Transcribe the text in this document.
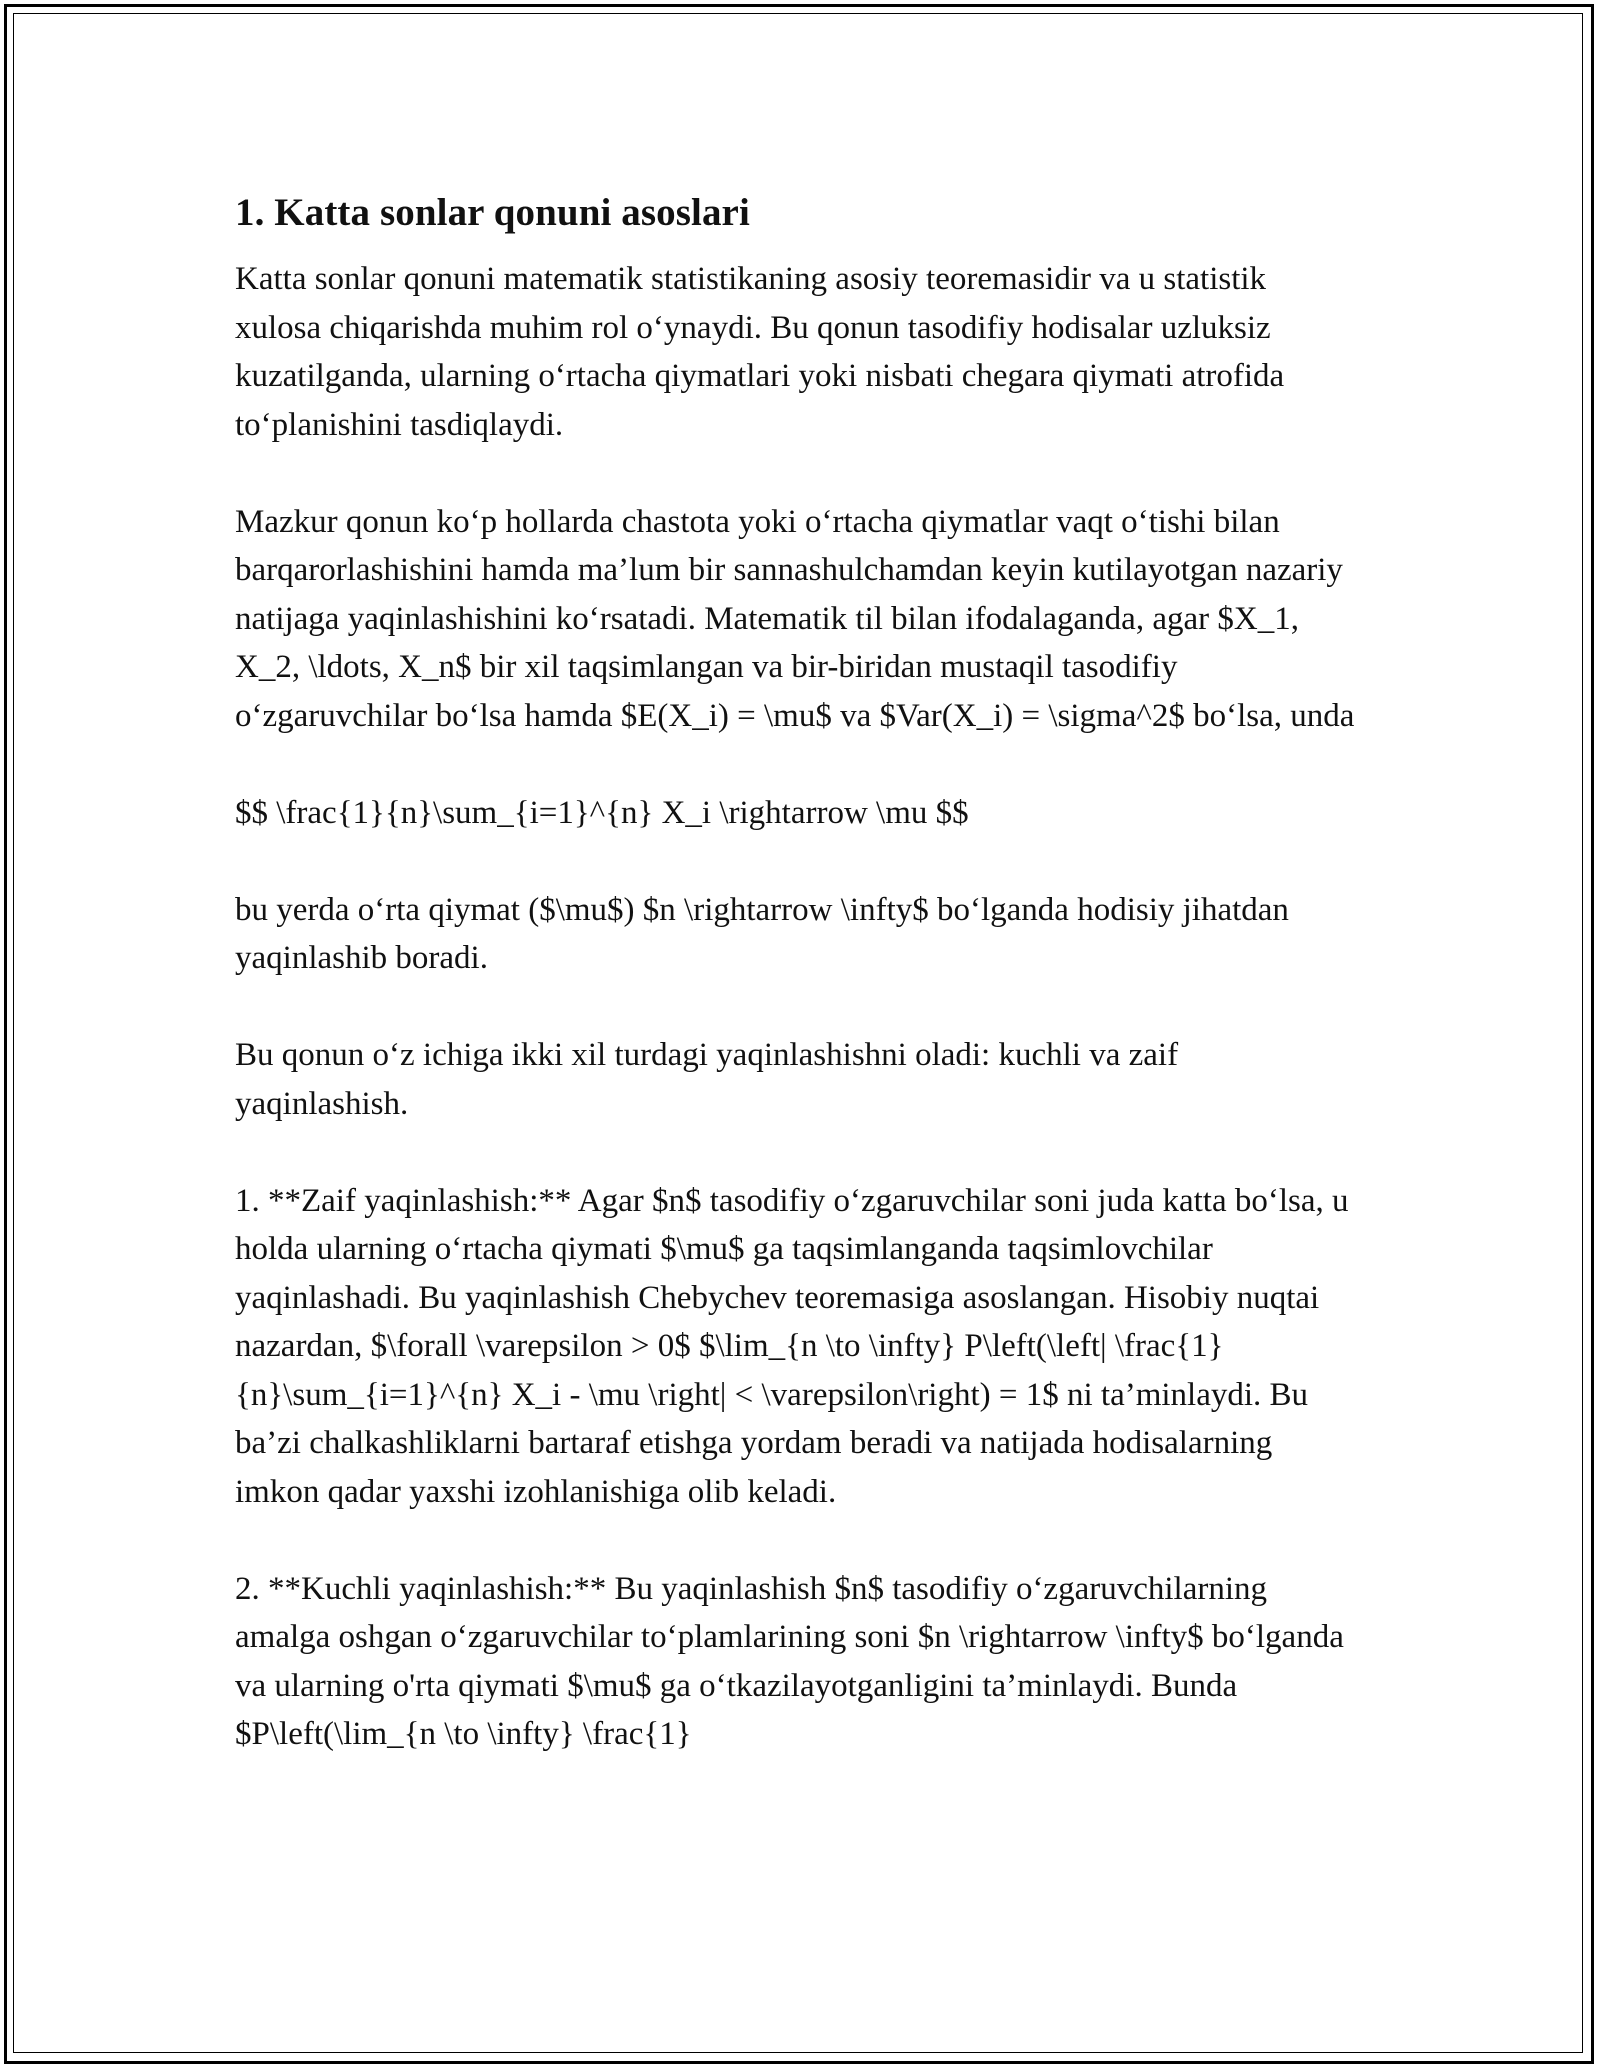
1. Katta sonlar qonuni asoslari

Katta sonlar qonuni matematik statistikaning asosiy teoremasidir va u statistik xulosa chiqarishda muhim rol o‘ynaydi. Bu qonun tasodifiy hodisalar uzluksiz kuzatilganda, ularning o‘rtacha qiymatlari yoki nisbati chegara qiymati atrofida to‘planishini tasdiqlaydi.

Mazkur qonun ko‘p hollarda chastota yoki o‘rtacha qiymatlar vaqt o‘tishi bilan barqarorlashishini hamda ma’lum bir sannashulchamdan keyin kutilayotgan nazariy natijaga yaqinlashishini ko‘rsatadi. Matematik til bilan ifodalaganda, agar $X_1, X_2, \ldots, X_n$ bir xil taqsimlangan va bir-biridan mustaqil tasodifiy o‘zgaruvchilar bo‘lsa hamda $E(X_i) = \mu$ va $Var(X_i) = \sigma^2$ bo‘lsa, unda

$$ \frac{1}{n}\sum_{i=1}^{n} X_i \rightarrow \mu $$

bu yerda o‘rta qiymat ($\mu$) $n \rightarrow \infty$ bo‘lganda hodisiy jihatdan yaqinlashib boradi.

Bu qonun o‘z ichiga ikki xil turdagi yaqinlashishni oladi: kuchli va zaif yaqinlashish.

1. **Zaif yaqinlashish:** Agar $n$ tasodifiy o‘zgaruvchilar soni juda katta bo‘lsa, u holda ularning o‘rtacha qiymati $\mu$ ga taqsimlanganda taqsimlovchilar yaqinlashadi. Bu yaqinlashish Chebychev teoremasiga asoslangan. Hisobiy nuqtai nazardan, $\forall \varepsilon > 0$ $\lim_{n \to \infty} P\left(\left| \frac{1}{n}\sum_{i=1}^{n} X_i - \mu \right| < \varepsilon\right) = 1$ ni ta’minlaydi. Bu ba’zi chalkashliklarni bartaraf etishga yordam beradi va natijada hodisalarning imkon qadar yaxshi izohlanishiga olib keladi.

2. **Kuchli yaqinlashish:** Bu yaqinlashish $n$ tasodifiy o‘zgaruvchilarning amalga oshgan o‘zgaruvchilar to‘plamlarining soni $n \rightarrow \infty$ bo‘lganda va ularning o'rta qiymati $\mu$ ga o‘tkazilayotganligini ta’minlaydi. Bunda $P\left(\lim_{n \to \infty} \frac{1}
